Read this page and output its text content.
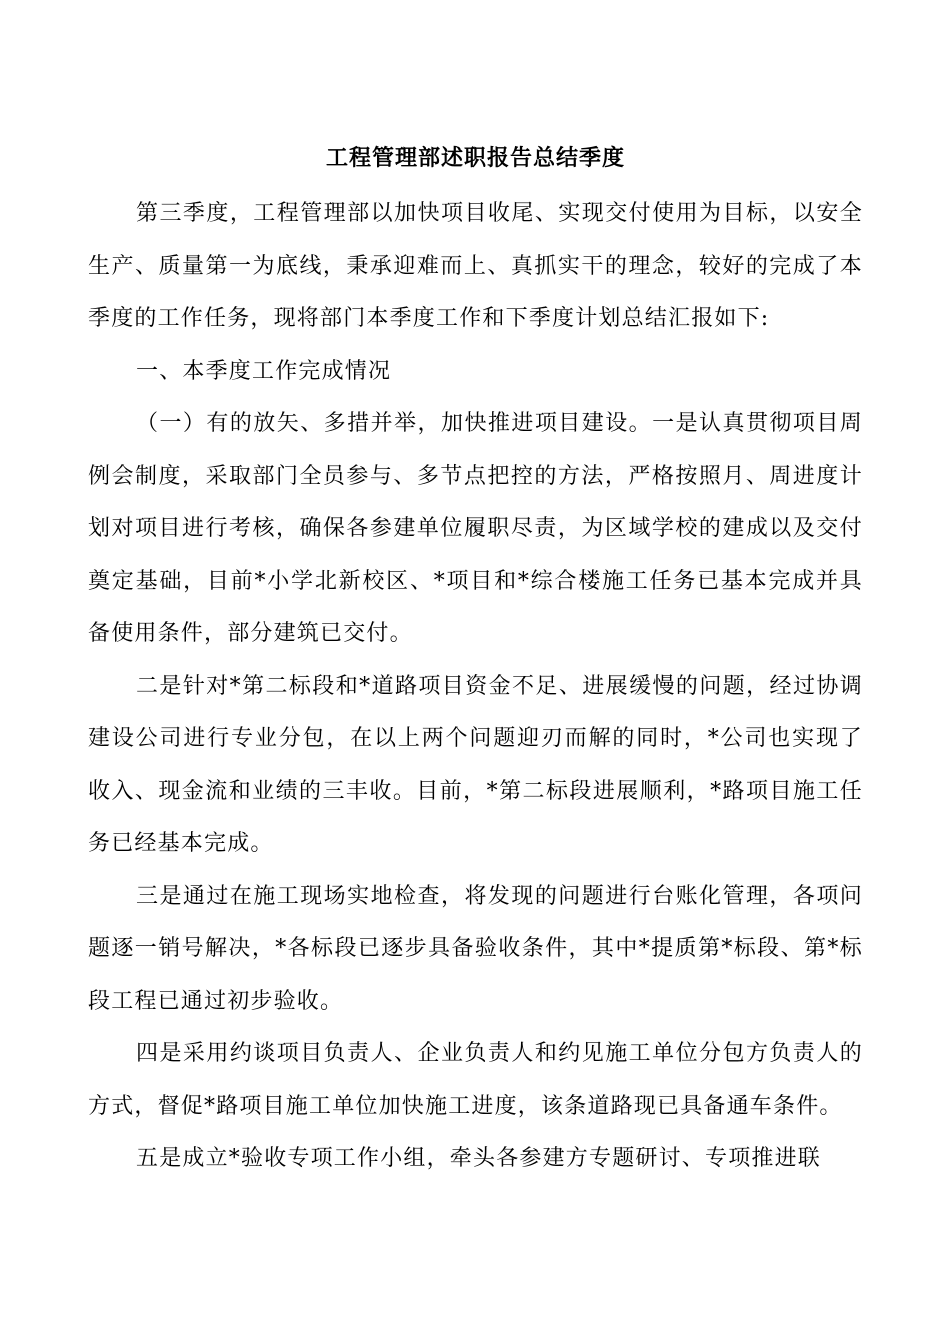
工程管理部述职报告总结季度

第三季度，工程管理部以加快项目收尾、实现交付使用为目标，以安全生产、质量第一为底线，秉承迎难而上、真抓实干的理念，较好的完成了本季度的工作任务，现将部门本季度工作和下季度计划总结汇报如下:

一、本季度工作完成情况

（一）有的放矢、多措并举，加快推进项目建设。一是认真贯彻项目周例会制度，采取部门全员参与、多节点把控的方法，严格按照月、周进度计划对项目进行考核，确保各参建单位履职尽责，为区域学校的建成以及交付奠定基础，目前*小学北新校区、*项目和*综合楼施工任务已基本完成并具备使用条件，部分建筑已交付。

二是针对*第二标段和*道路项目资金不足、进展缓慢的问题，经过协调建设公司进行专业分包，在以上两个问题迎刃而解的同时，*公司也实现了收入、现金流和业绩的三丰收。目前，*第二标段进展顺利，*路项目施工任务已经基本完成。

三是通过在施工现场实地检查，将发现的问题进行台账化管理，各项问题逐一销号解决，*各标段已逐步具备验收条件，其中*提质第*标段、第*标段工程已通过初步验收。

四是采用约谈项目负责人、企业负责人和约见施工单位分包方负责人的方式，督促*路项目施工单位加快施工进度，该条道路现已具备通车条件。

五是成立*验收专项工作小组，牵头各参建方专题研讨、专项推进联
